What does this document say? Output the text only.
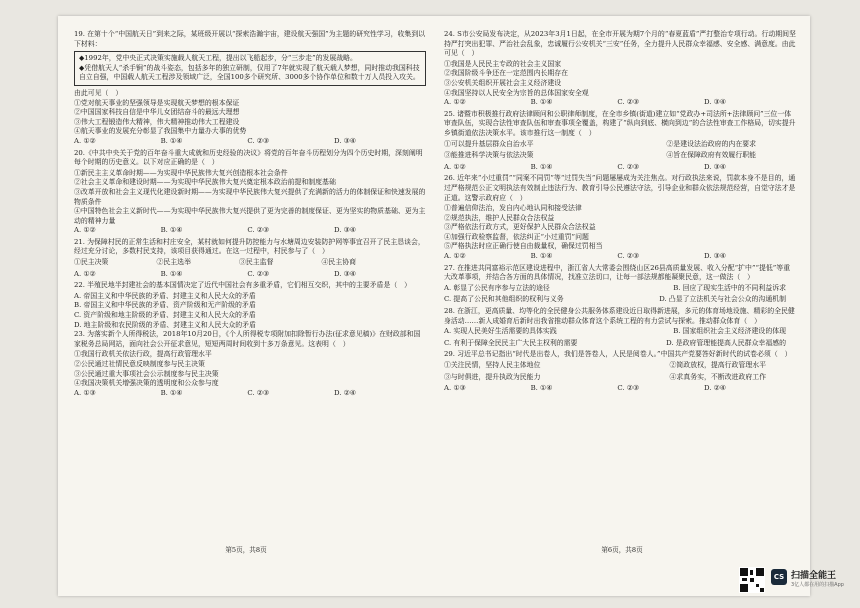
19. 在第十个“中国航天日”到来之际，某班级开展以“探索浩瀚宇宙，建设航天强国”为主题的研究性学习，收集到以下材料：
◆1992年，党中央正式决策实施载人航天工程，提出以飞船起步，分“三步走”的发展战略。
◆凭借航天人“杀手锏”的战斗姿态，包括多年的独立研制，仅用了7年就实现了航天载人梦想，同时推动我国科技自立自强，中国载人航天工程涉及领域广泛，全国100多个研究所、3000多个协作单位和数十万人员投入攻关。
由此可见（　）
①党对航天事业的坚强领导是实现航天梦想的根本保证
②中国国家科技自信是中华儿女团结奋斗的最远大理想
③伟大工程锻造伟大精神，伟大精神推动伟大工程建设
④航天事业的发展充分彰显了我国集中力量办大事的优势
A. ①②	B. ①④	C. ②③	D. ③④
20.《中共中央关于党的百年奋斗重大成就和历史经验的决议》将党的百年奋斗历程划分为四个历史时期，深刻阐明每个时期的历史意义。以下对应正确的是（　）
①新民主主义革命时期——为实现中华民族伟大复兴创造根本社会条件
②社会主义革命和建设时期——为实现中华民族伟大复兴奠定根本政治前提和制度基础
③改革开放和社会主义现代化建设新时期——为实现中华民族伟大复兴提供了充满新的活力的体制保证和快速发展的物质条件
④中国特色社会主义新时代——为实现中华民族伟大复兴提供了更为完善的制度保证、更为坚实的物质基础、更为主动的精神力量
A. ①②	B. ①④	C. ②③	D. ③④
21. 为保障村民的正常生活和村庄安全，某村就如何提升防控能力与水塘周边安装防护网等事宜召开了民主恳谈会，经过充分讨论，多数村民支持，该项目获得通过。在这一过程中，村民参与了（　）
①民主决策	②民主选举	③民主监督	④民主协商
A. ①②	B. ①④	C. ②③	D. ③④
22. 半殖民地半封建社会的基本国情决定了近代中国社会有多重矛盾，它们相互交织，其中的主要矛盾是（　）
A. 帝国主义和中华民族的矛盾、封建主义和人民大众的矛盾
B. 帝国主义和中华民族的矛盾、资产阶级和无产阶级的矛盾
C. 资产阶级和地主阶级的矛盾、封建主义和人民大众的矛盾
D. 地主阶级和农民阶级的矛盾、封建主义和人民大众的矛盾
23. 为落实新个人所得税法，2018年10月20日，《个人所得税专项附加扣除暂行办法(征求意见稿)》在财政部和国家税务总局网站，面向社会公开征求意见，短短两周时间收到十多万条意见。这表明（　）
①我国行政机关依法行政，提高行政管理水平
②公民通过社情民意反映制度参与民主决策
③公民通过重大事项社会公示制度参与民主决策
④我国决策机关增强决策的透明度和公众参与度
A. ①③	B. ①④	C. ②③	D. ②④
第5页，共8页
24. S市公安局发布决定，从2023年3月1日起，在全市开展为期7个月的“春夏蓝盾”严打整治专项行动。行动期间坚持严打突出犯罪、严治社会乱象，忠诚履行公安机关“三安”任务，全力提升人民群众幸福感、安全感、满意度。由此可见（　）
①我国是人民民主专政的社会主义国家
②我国阶级斗争还在一定范围内长期存在
③公安机关组织开展社会主义经济建设
④我国坚持以人民安全为宗旨的总体国家安全观
A. ①②	B. ①④	C. ②③	D. ③④
25. 诸暨市积极推行政府法律顾问和公职律师制度，在全市乡镇(街道)建立如“党政办+司法所+法律顾问”三位一体审查队伍，实现合法性审查队伍和审查事项全覆盖，构建了“纵向到底、横向到边”的合法性审查工作格局，切实提升乡镇街道依法决策水平。该市推行这一制度（　）
①可以提升基层群众自治水平	②是建设法治政府的内在要求
③能推进科学决策与依法决策	④旨在保障政府有效履行职能
A. ①②	B. ①④	C. ②③	D. ③④
26. 近年来“小过重罚”“同案不同罚”等“过罚失当”问题屡屡成为关注焦点。对行政执法来说，罚款本身不是目的，通过严格规范公正文明执法有效制止违法行为、教育引导公民遵法守法，引导企业和群众依法规范经营，自觉守法才是正道。这警示政府应（　）
①普遍信仰法治，发自内心地认同和接受法律
②规范执法，维护人民群众合法权益
③严格依法行政方式，更好保护人民群众合法权益
④加强行政检察监督，依法纠正“小过重罚”问题
⑤严格执法时应正确行使自由裁量权，确保过罚相当
A. ①②	B. ①④	C. ②③	D. ③④
27. 在推进共同富裕示范区建设进程中，浙江省人大常委会围绕山区26县高质量发展、收入分配“扩中”“提低”等重大改革事项，并结合各方面的具体情况，找准立法切口，让每一部法规都能凝聚民意，这一做法（　）
A. 彰显了公民有序参与立法的途径	B. 回应了现实生活中的不同利益诉求
C. 提高了公民和其他组织的权利与义务	D. 凸显了立法机关与社会公众的沟通机制
28. 在浙江，更高质量、均等化的全民健身公共服务体系建设近日取得新进展，多元的体育场地设施、精彩的全民健身活动……新人成婚育后新时出我省推动群众体育这个系统工程的有力尝试与探索。推动群众体育（　）
A. 实现人民美好生活需要的具体实践	B. 国家组织社会主义经济建设的体现
C. 有利于保障全民民主广大民主权利的需要	D. 是政府管理能提高人民群众幸福感的
29. 习近平总书记指出“时代是出卷人，我们是答卷人，人民是阅卷人。”中国共产党要答好新时代的试卷必须（　）
①关注民情，坚持人民主体地位	②简政放权，提高行政管理水平
③与时俱进，提升执政为民能力	④求真务实，不断改进政府工作
A. ①③	B. ①④	C. ②③	D. ②④
第6页，共8页
CS 扫描全能王
3亿人都在用的扫描App
